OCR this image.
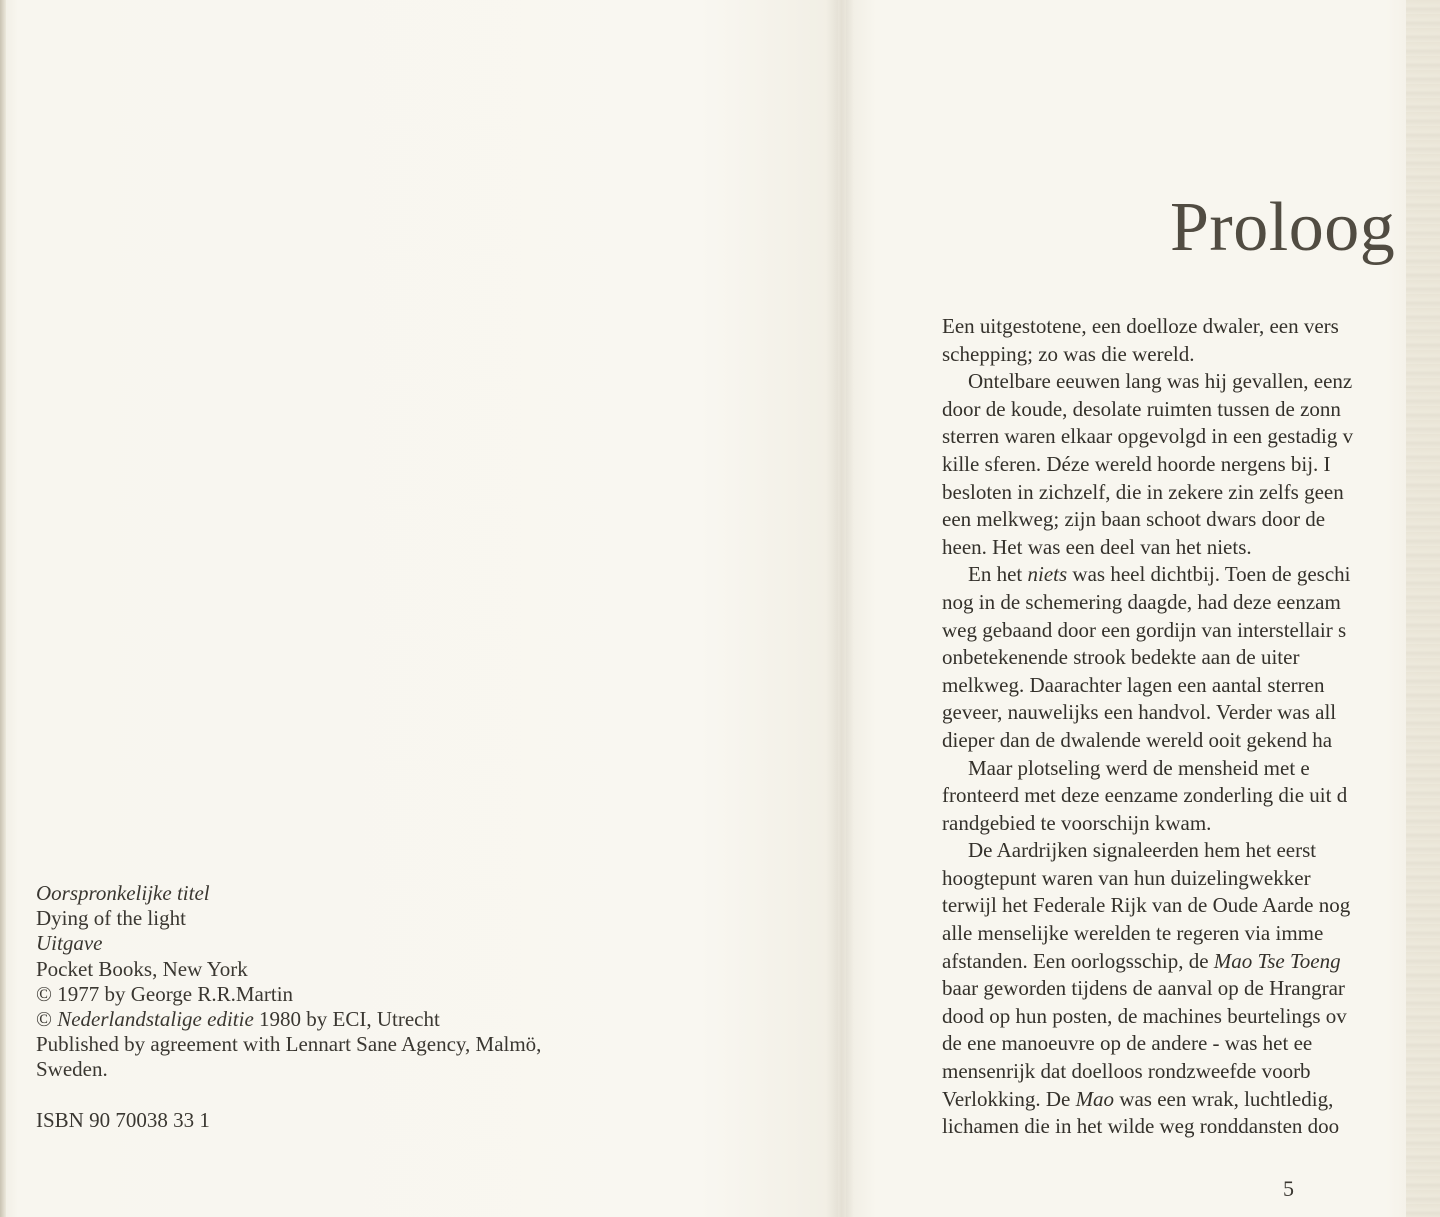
Oorspronkelijke titel
Dying of the light
Uitgave
Pocket Books, New York
© 1977 by George R.R.Martin
© Nederlandstalige editie 1980 by ECI, Utrecht
Published by agreement with Lennart Sane Agency, Malmö,
Sweden.
ISBN 90 70038 33 1
Proloog
Een uitgestotene, een doelloze dwaler, een vers
schepping; zo was die wereld.
Ontelbare eeuwen lang was hij gevallen, eenz
door de koude, desolate ruimten tussen de zonn
sterren waren elkaar opgevolgd in een gestadig v
kille sferen. Déze wereld hoorde nergens bij. I
besloten in zichzelf, die in zekere zin zelfs geen
een melkweg; zijn baan schoot dwars door de
heen. Het was een deel van het niets.
En het niets was heel dichtbij. Toen de geschi
nog in de schemering daagde, had deze eenzam
weg gebaand door een gordijn van interstellair s
onbetekenende strook bedekte aan de uiter
melkweg. Daarachter lagen een aantal sterren
geveer, nauwelijks een handvol. Verder was all
dieper dan de dwalende wereld ooit gekend ha
Maar plotseling werd de mensheid met e
fronteerd met deze eenzame zonderling die uit d
randgebied te voorschijn kwam.
De Aardrijken signaleerden hem het eerst
hoogtepunt waren van hun duizelingwekker
terwijl het Federale Rijk van de Oude Aarde nog
alle menselijke werelden te regeren via imme
afstanden. Een oorlogsschip, de Mao Tse Toeng
baar geworden tijdens de aanval op de Hrangrar
dood op hun posten, de machines beurtelings ov
de ene manoeuvre op de andere - was het ee
mensenrijk dat doelloos rondzweefde voorb
Verlokking. De Mao was een wrak, luchtledig,
lichamen die in het wilde weg ronddansten doo
5
